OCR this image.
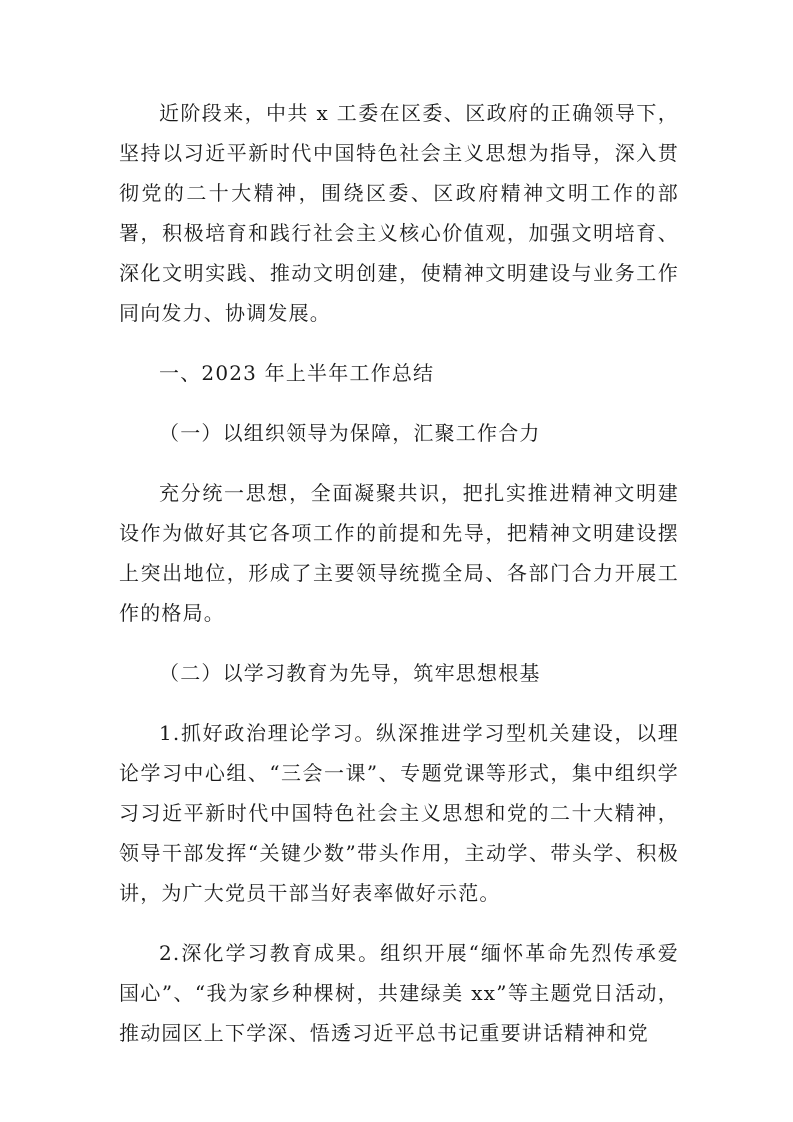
近阶段来，中共 x 工委在区委、区政府的正确领导下，坚持以习近平新时代中国特色社会主义思想为指导，深入贯彻党的二十大精神，围绕区委、区政府精神文明工作的部署，积极培育和践行社会主义核心价值观，加强文明培育、深化文明实践、推动文明创建，使精神文明建设与业务工作同向发力、协调发展。

一、2023 年上半年工作总结

（一）以组织领导为保障，汇聚工作合力

充分统一思想，全面凝聚共识，把扎实推进精神文明建设作为做好其它各项工作的前提和先导，把精神文明建设摆上突出地位，形成了主要领导统揽全局、各部门合力开展工作的格局。

（二）以学习教育为先导，筑牢思想根基

1.抓好政治理论学习。纵深推进学习型机关建设，以理论学习中心组、“三会一课”、专题党课等形式，集中组织学习习近平新时代中国特色社会主义思想和党的二十大精神，领导干部发挥“关键少数”带头作用，主动学、带头学、积极讲，为广大党员干部当好表率做好示范。

2.深化学习教育成果。组织开展“缅怀革命先烈传承爱国心”、“我为家乡种棵树，共建绿美 xx”等主题党日活动，推动园区上下学深、悟透习近平总书记重要讲话精神和党
